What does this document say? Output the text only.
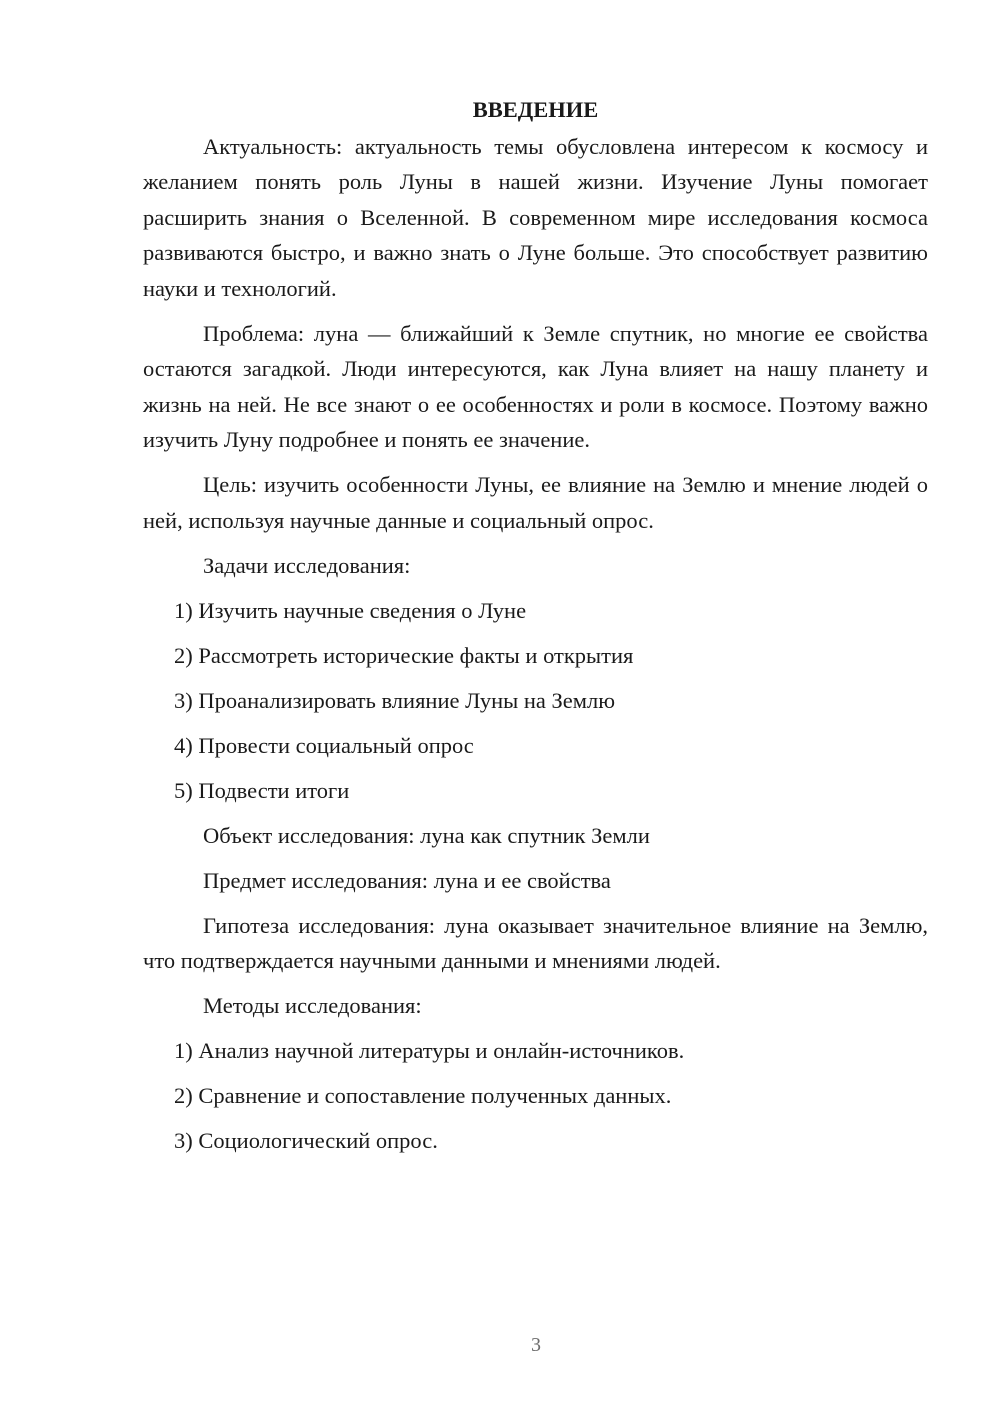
ВВЕДЕНИЕ

Актуальность: актуальность темы обусловлена интересом к космосу и желанием понять роль Луны в нашей жизни. Изучение Луны помогает расширить знания о Вселенной. В современном мире исследования космоса развиваются быстро, и важно знать о Луне больше. Это способствует развитию науки и технологий.

Проблема: луна — ближайший к Земле спутник, но многие ее свойства остаются загадкой. Люди интересуются, как Луна влияет на нашу планету и жизнь на ней. Не все знают о ее особенностях и роли в космосе. Поэтому важно изучить Луну подробнее и понять ее значение.

Цель: изучить особенности Луны, ее влияние на Землю и мнение людей о ней, используя научные данные и социальный опрос.

Задачи исследования:
1) Изучить научные сведения о Луне
2) Рассмотреть исторические факты и открытия
3) Проанализировать влияние Луны на Землю
4) Провести социальный опрос
5) Подвести итоги
Объект исследования: луна как спутник Земли
Предмет исследования: луна и ее свойства

Гипотеза исследования: луна оказывает значительное влияние на Землю, что подтверждается научными данными и мнениями людей.

Методы исследования:
1) Анализ научной литературы и онлайн-источников.
2) Сравнение и сопоставление полученных данных.
3) Социологический опрос.
3
